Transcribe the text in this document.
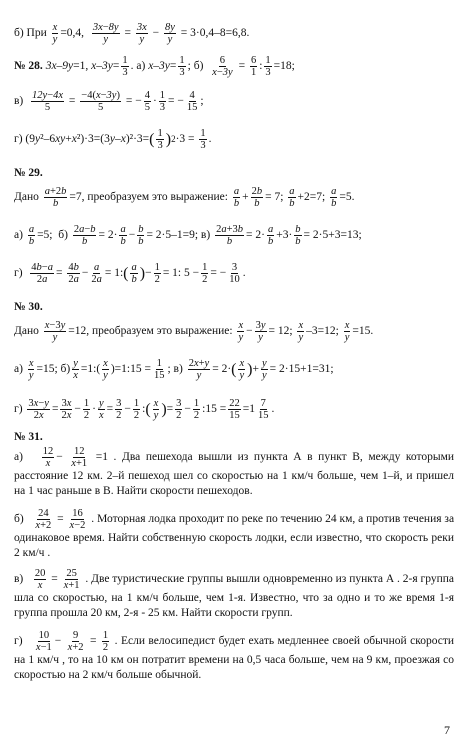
б) При
$\frac{x}{y} =0,4$, $\frac{3x-8y}{y} = \frac{3x}{y} - \frac{8y}{y} = 3\cdot 0,4-8=6,8$.
№ 28.
3x–9y=1, $x-3y= \frac{1}{3}$ . а) $x-3y= \frac{1}{3}$ ; $б) \frac{6}{x-3y} = \frac{6}{1}$ : $\frac{1}{3} =18$;
$в) \frac{12y-4x}{5} = \frac{-4(x-3y)}{5}$ = − $\frac{4}{5} \cdot \frac{1}{3}$ = − $\frac{4}{15}$ ;
г) (9y²–6xy+x²)·3=(3y–x)²·3= ( $\frac{1}{3}$ ) $2 \cdot 3 = \frac{1}{3}$ .
№ 29.
Дано
$\frac{a+2b}{b} =7$ , преобразуем это выражение:
$\frac{a}{b} + \frac{2b}{b} = 7$; $\frac{a}{b} +2=7$; $\frac{a}{b} =5$.
$а) \frac{a}{b} =5$;  $б) \frac{2a-b}{b} = 2\cdot \frac{a}{b} - \frac{b}{b} = 2\cdot 5-1=9$; $в) \frac{2a+3b}{b} = 2\cdot \frac{a}{b} +3\cdot \frac{b}{b} = 2\cdot 5+3=13$;
$г) \frac{4b-a}{2a} = \frac{4b}{2a} - \frac{a}{2a} = 1$: ( $\frac{a}{b}$ ) − $\frac{1}{2} = 1$: $5 - \frac{1}{2}$ = − $\frac{3}{10}$ .
№ 30.
Дано
$\frac{x-3y}{y} =12$ , преобразуем это выражение:
$\frac{x}{y} - \frac{3y}{y} = 12$; $\frac{x}{y} -3=12$; $\frac{x}{y} =15$.
$а) \frac{x}{y} =15$; $б) \frac{y}{x}$ =1:( $\frac{x}{y}$ )=1:15 = $\frac{1}{15}$ ; $в) \frac{2x+y}{y} = 2\cdot$ ( $\frac{x}{y}$ ) + $\frac{y}{y} = 2\cdot 15+1=31$;
$г) \frac{3x-y}{2x} = \frac{3x}{2x} - \frac{1}{2} \cdot \frac{y}{x} = \frac{3}{2} - \frac{1}{2}$ : ( $\frac{x}{y}$ ) = $\frac{3}{2} - \frac{1}{2}$ :15 = $\frac{22}{15} =1 \frac{7}{15}$ .
№ 31.
$а) \frac{12}{x} - \frac{12}{x+1} =1$ . Два пешехода вышли из пункта А в пункт В, между которыми расстояние 12 км. 2–й пешеход шел со скоростью на 1 км/ч больше, чем 1–й, и пришел на 1 час раньше в В. Найти скорости пешеходов.
$б) \frac{24}{x+2} = \frac{16}{x-2}$ . Моторная лодка проходит по реке по течению 24 км, а против течения за одинаковое время. Найти собственную скорость лодки, если известно, что скорость реки 2 км/ч .
$в) \frac{20}{x} = \frac{25}{x+1}$ . Две туристические группы вышли одновременно из пункта А . 2-я группа шла со скоростью, на 1 км/ч больше, чем 1-я. Известно, что за одно и то же время 1-я группа прошла 20 км, 2-я - 25 км. Найти скорости групп.
$г) \frac{10}{x-1} - \frac{9}{x+2} = \frac{1}{2}$ . Если велосипедист будет ехать медленнее своей обычной скорости на 1 км/ч , то на 10 км он потратит времени на 0,5 часа больше, чем на 9 км, проезжая со скоростью на 2 км/ч больше обычной.
7
